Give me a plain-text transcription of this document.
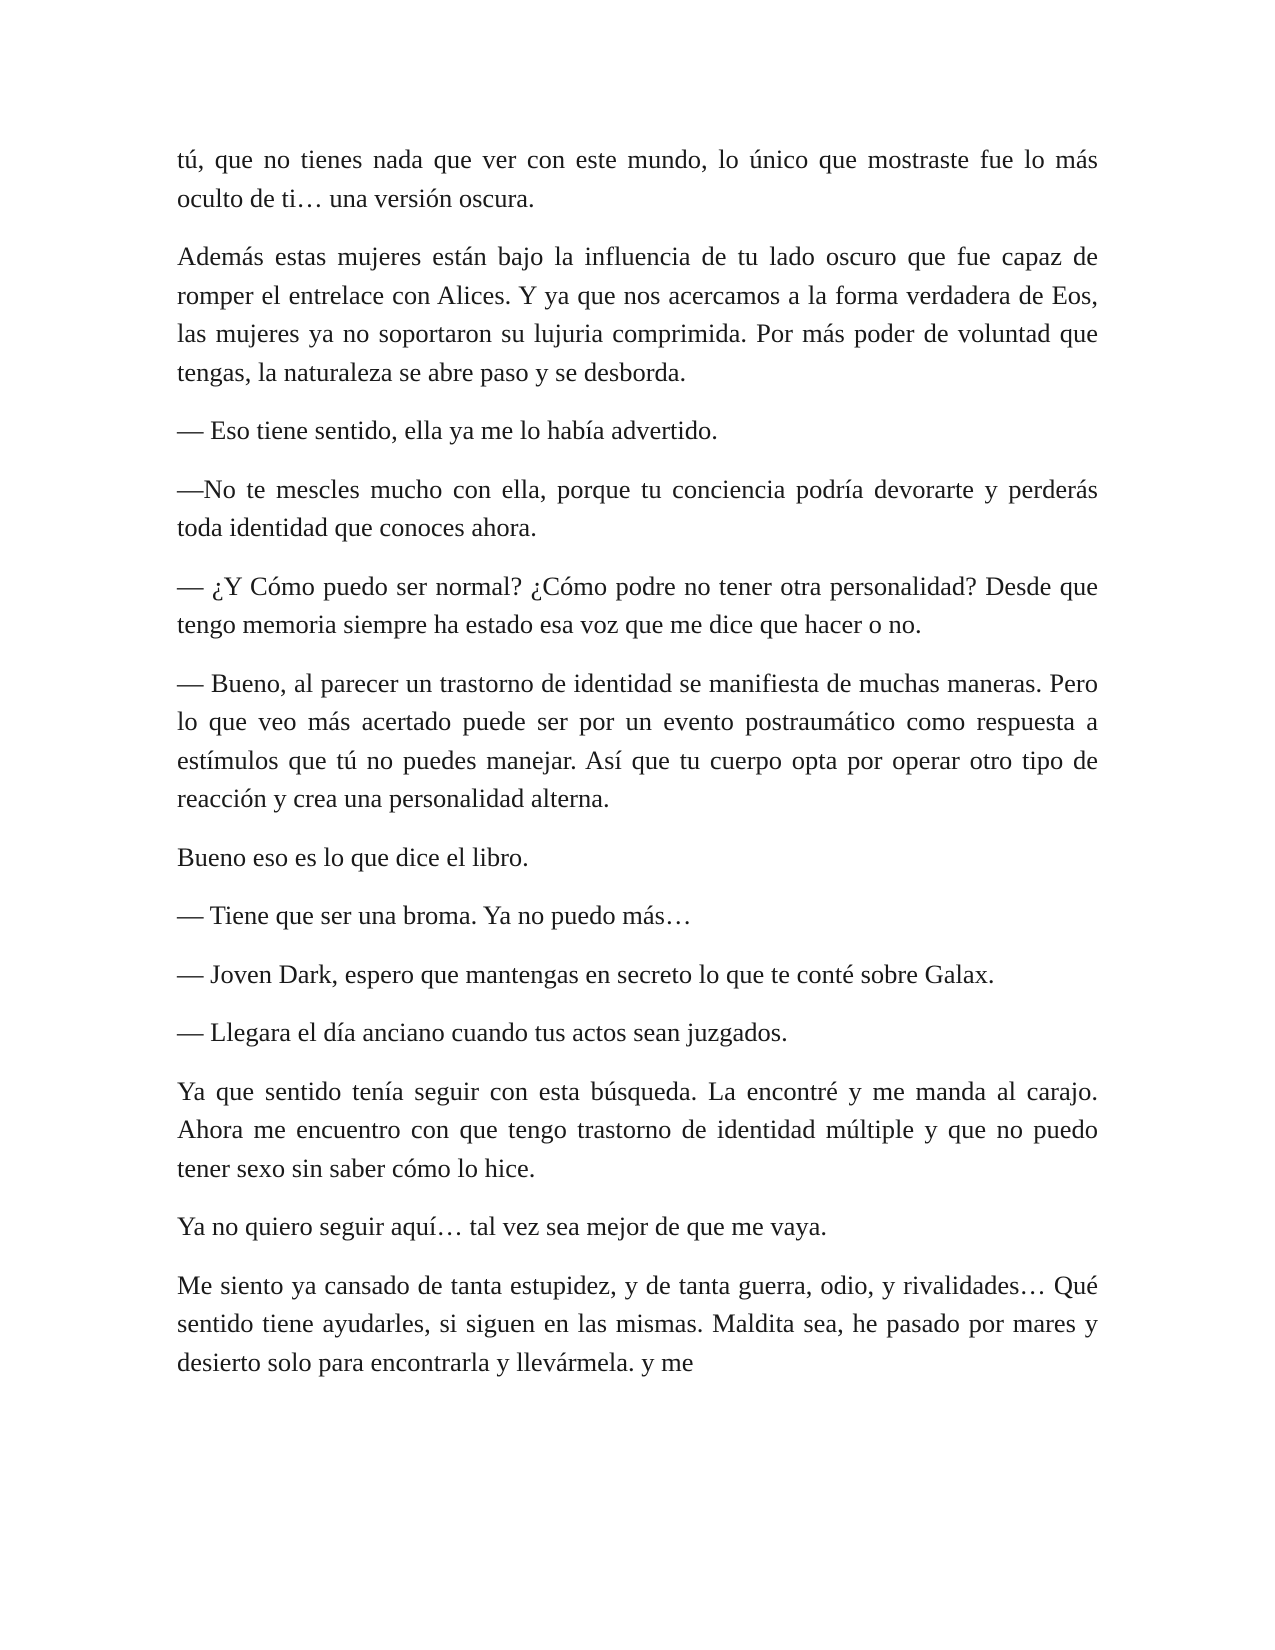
tú, que no tienes nada que ver con este mundo, lo único que mostraste fue lo más oculto de ti… una versión oscura.

Además estas mujeres están bajo la influencia de tu lado oscuro que fue capaz de romper el entrelace con Alices. Y ya que nos acercamos a la forma verdadera de Eos, las mujeres ya no soportaron su lujuria comprimida. Por más poder de voluntad que tengas, la naturaleza se abre paso y se desborda.

— Eso tiene sentido, ella ya me lo había advertido.

—No te mescles mucho con ella, porque tu conciencia podría devorarte y perderás toda identidad que conoces ahora.

— ¿Y Cómo puedo ser normal? ¿Cómo podre no tener otra personalidad? Desde que tengo memoria siempre ha estado esa voz que me dice que hacer o no.

— Bueno, al parecer un trastorno de identidad se manifiesta de muchas maneras. Pero lo que veo más acertado puede ser por un evento postraumático como respuesta a estímulos que tú no puedes manejar. Así que tu cuerpo opta por operar otro tipo de reacción y crea una personalidad alterna.

Bueno eso es lo que dice el libro.

— Tiene que ser una broma. Ya no puedo más…

— Joven Dark, espero que mantengas en secreto lo que te conté sobre Galax.

— Llegara el día anciano cuando tus actos sean juzgados.

Ya que sentido tenía seguir con esta búsqueda. La encontré y me manda al carajo. Ahora me encuentro con que tengo trastorno de identidad múltiple y que no puedo tener sexo sin saber cómo lo hice.

Ya no quiero seguir aquí… tal vez sea mejor de que me vaya.

Me siento ya cansado de tanta estupidez, y de tanta guerra, odio, y rivalidades… Qué sentido tiene ayudarles, si siguen en las mismas. Maldita sea, he pasado por mares y desierto solo para encontrarla y llevármela. y me
